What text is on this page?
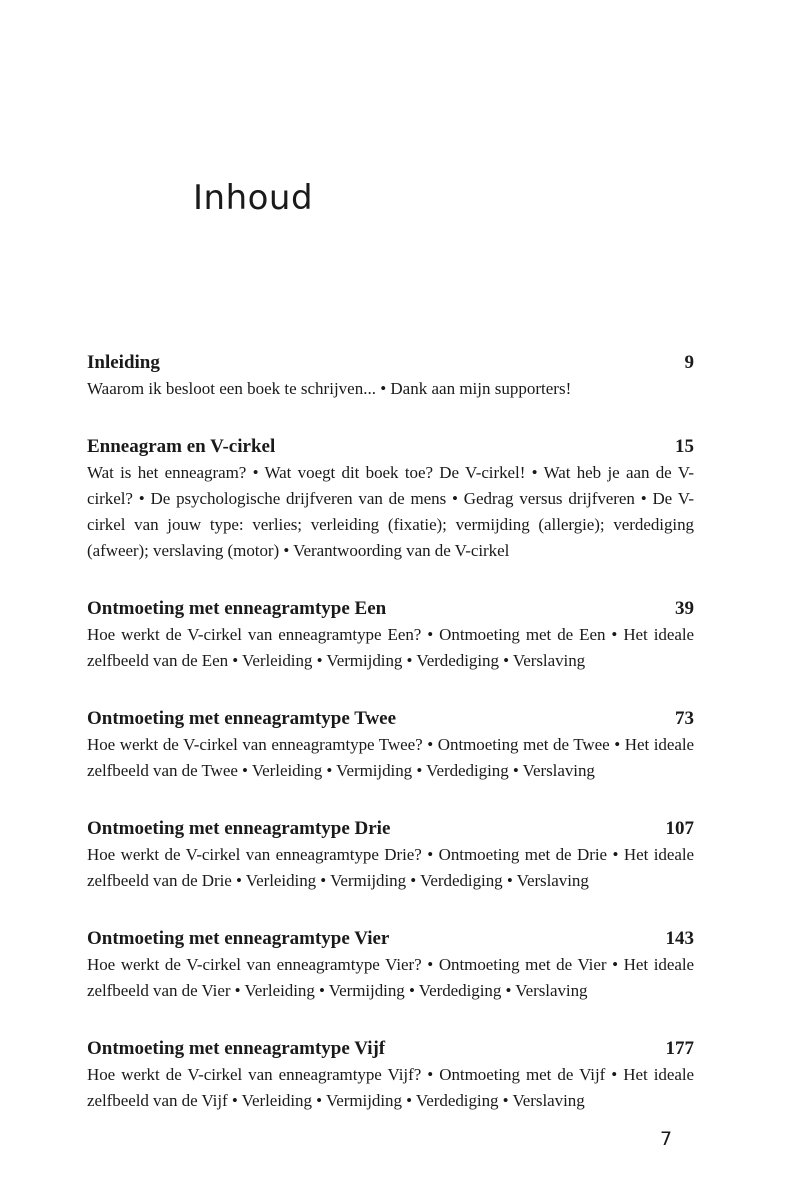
Inhoud
Inleiding	9

Waarom ik besloot een boek te schrijven... • Dank aan mijn supporters!

Enneagram en V-cirkel	15

Wat is het enneagram? • Wat voegt dit boek toe? De V-cirkel! • Wat heb je aan de V-cirkel? • De psychologische drijfveren van de mens • Gedrag versus drijfveren • De V-cirkel van jouw type: verlies; verleiding (fixatie); vermijding (allergie); verdediging (afweer); verslaving (motor) • Verantwoording van de V-cirkel

Ontmoeting met enneagramtype Een	39

Hoe werkt de V-cirkel van enneagramtype Een? • Ontmoeting met de Een • Het ideale zelfbeeld van de Een • Verleiding • Vermijding • Verdediging • Verslaving

Ontmoeting met enneagramtype Twee	73

Hoe werkt de V-cirkel van enneagramtype Twee? • Ontmoeting met de Twee • Het ideale zelfbeeld van de Twee • Verleiding • Vermijding • Verdediging • Verslaving

Ontmoeting met enneagramtype Drie	107

Hoe werkt de V-cirkel van enneagramtype Drie? • Ontmoeting met de Drie • Het ideale zelfbeeld van de Drie • Verleiding • Vermijding • Verdediging • Verslaving

Ontmoeting met enneagramtype Vier	143

Hoe werkt de V-cirkel van enneagramtype Vier? • Ontmoeting met de Vier • Het ideale zelfbeeld van de Vier • Verleiding • Vermijding • Verdediging • Verslaving

Ontmoeting met enneagramtype Vijf	177

Hoe werkt de V-cirkel van enneagramtype Vijf? • Ontmoeting met de Vijf • Het ideale zelfbeeld van de Vijf • Verleiding • Vermijding • Verdediging • Verslaving

7
